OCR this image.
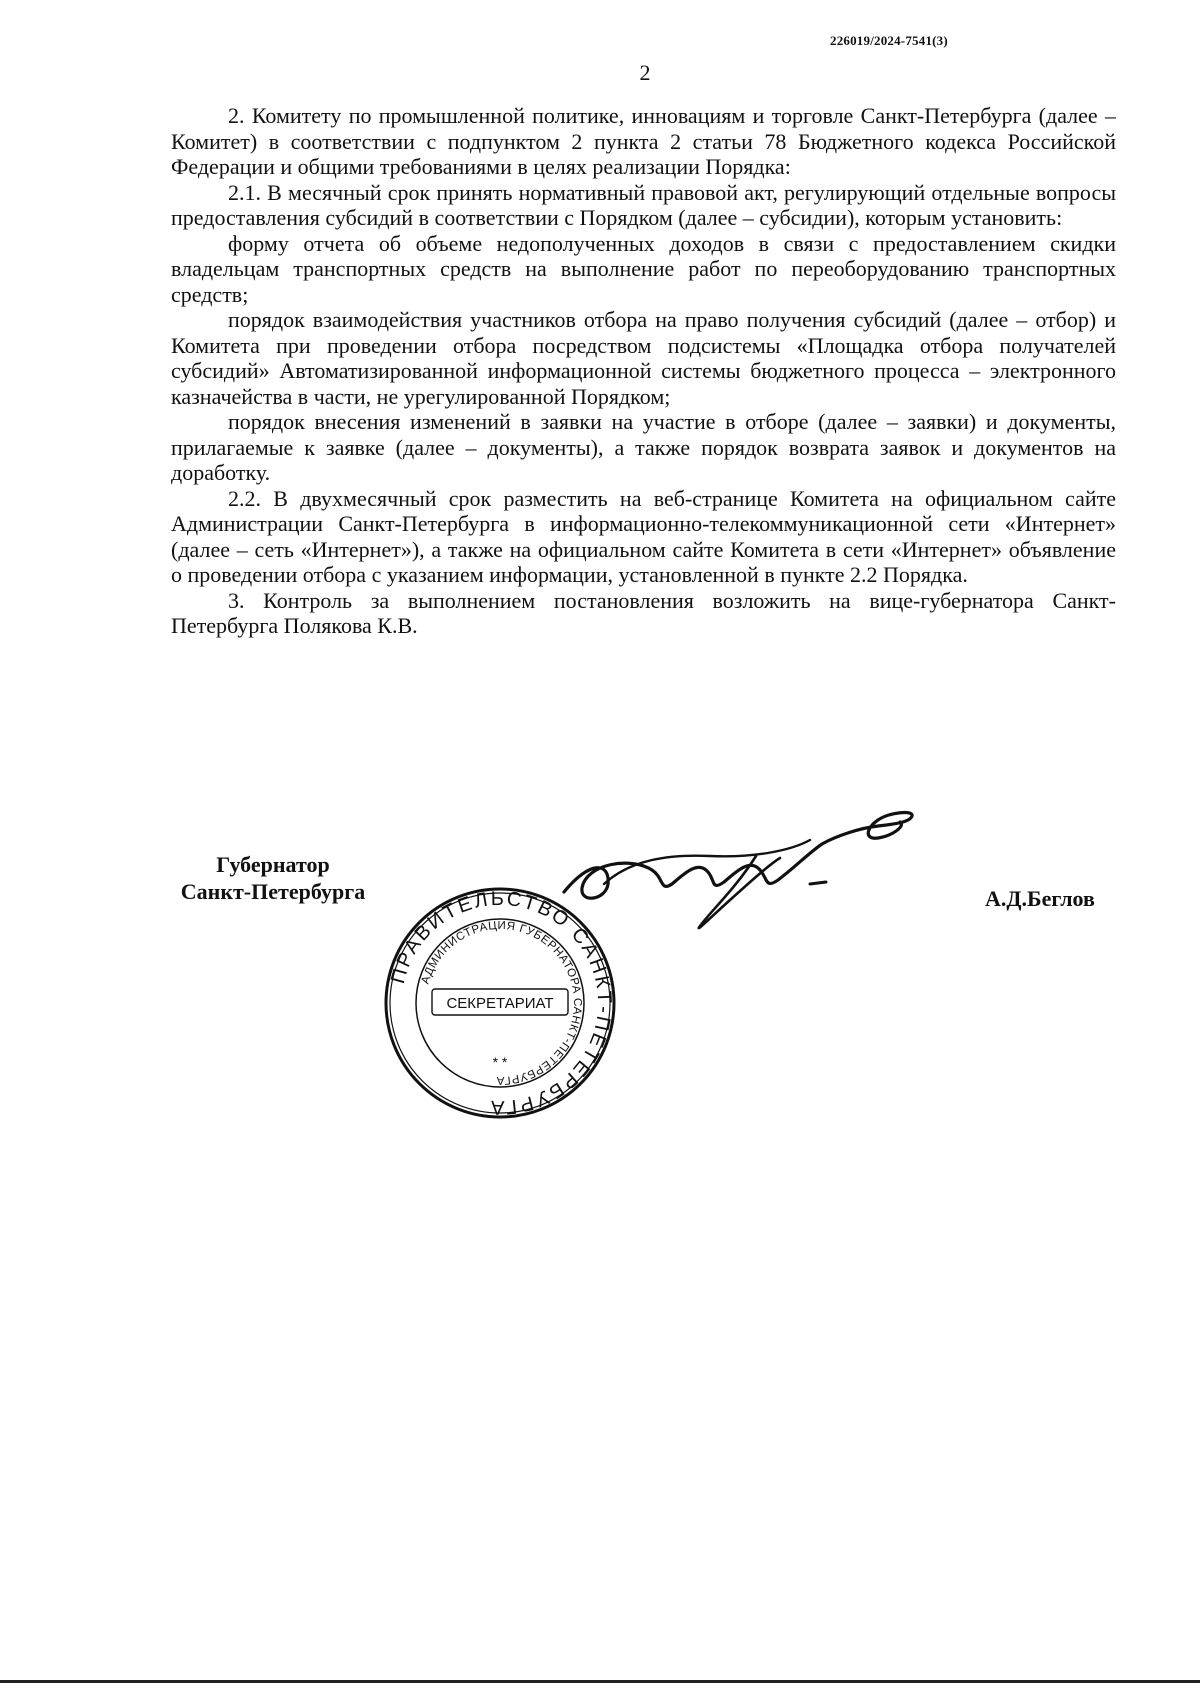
226019/2024-7541(3)
2

2. Комитету по промышленной политике, инновациям и торговле Санкт-Петербурга (далее – Комитет) в соответствии с подпунктом 2 пункта 2 статьи 78 Бюджетного кодекса Российской Федерации и общими требованиями в целях реализации Порядка:

2.1. В месячный срок принять нормативный правовой акт, регулирующий отдельные вопросы предоставления субсидий в соответствии с Порядком (далее – субсидии), которым установить:

форму отчета об объеме недополученных доходов в связи с предоставлением скидки владельцам транспортных средств на выполнение работ по переоборудованию транспортных средств;

порядок взаимодействия участников отбора на право получения субсидий (далее – отбор) и Комитета при проведении отбора посредством подсистемы «Площадка отбора получателей субсидий» Автоматизированной информационной системы бюджетного процесса – электронного казначейства в части, не урегулированной Порядком;

порядок внесения изменений в заявки на участие в отборе (далее – заявки) и документы, прилагаемые к заявке (далее – документы), а также порядок возврата заявок и документов на доработку.

2.2. В двухмесячный срок разместить на веб-странице Комитета на официальном сайте Администрации Санкт-Петербурга в информационно-телекоммуникационной сети «Интернет» (далее – сеть «Интернет»), а также на официальном сайте Комитета в сети «Интернет» объявление о проведении отбора с указанием информации, установленной в пункте 2.2 Порядка.

3. Контроль за выполнением постановления возложить на вице-губернатора Санкт-Петербурга Полякова К.В.

Губернатор
Санкт-Петербурга
ПРАВИТЕЛЬСТВО САНКТ-ПЕТЕРБУРГА
АДМИНИСТРАЦИЯ ГУБЕРНАТОРА САНКТ-ПЕТЕРБУРГА
СЕКРЕТАРИАТ
* *
А.Д.Беглов
